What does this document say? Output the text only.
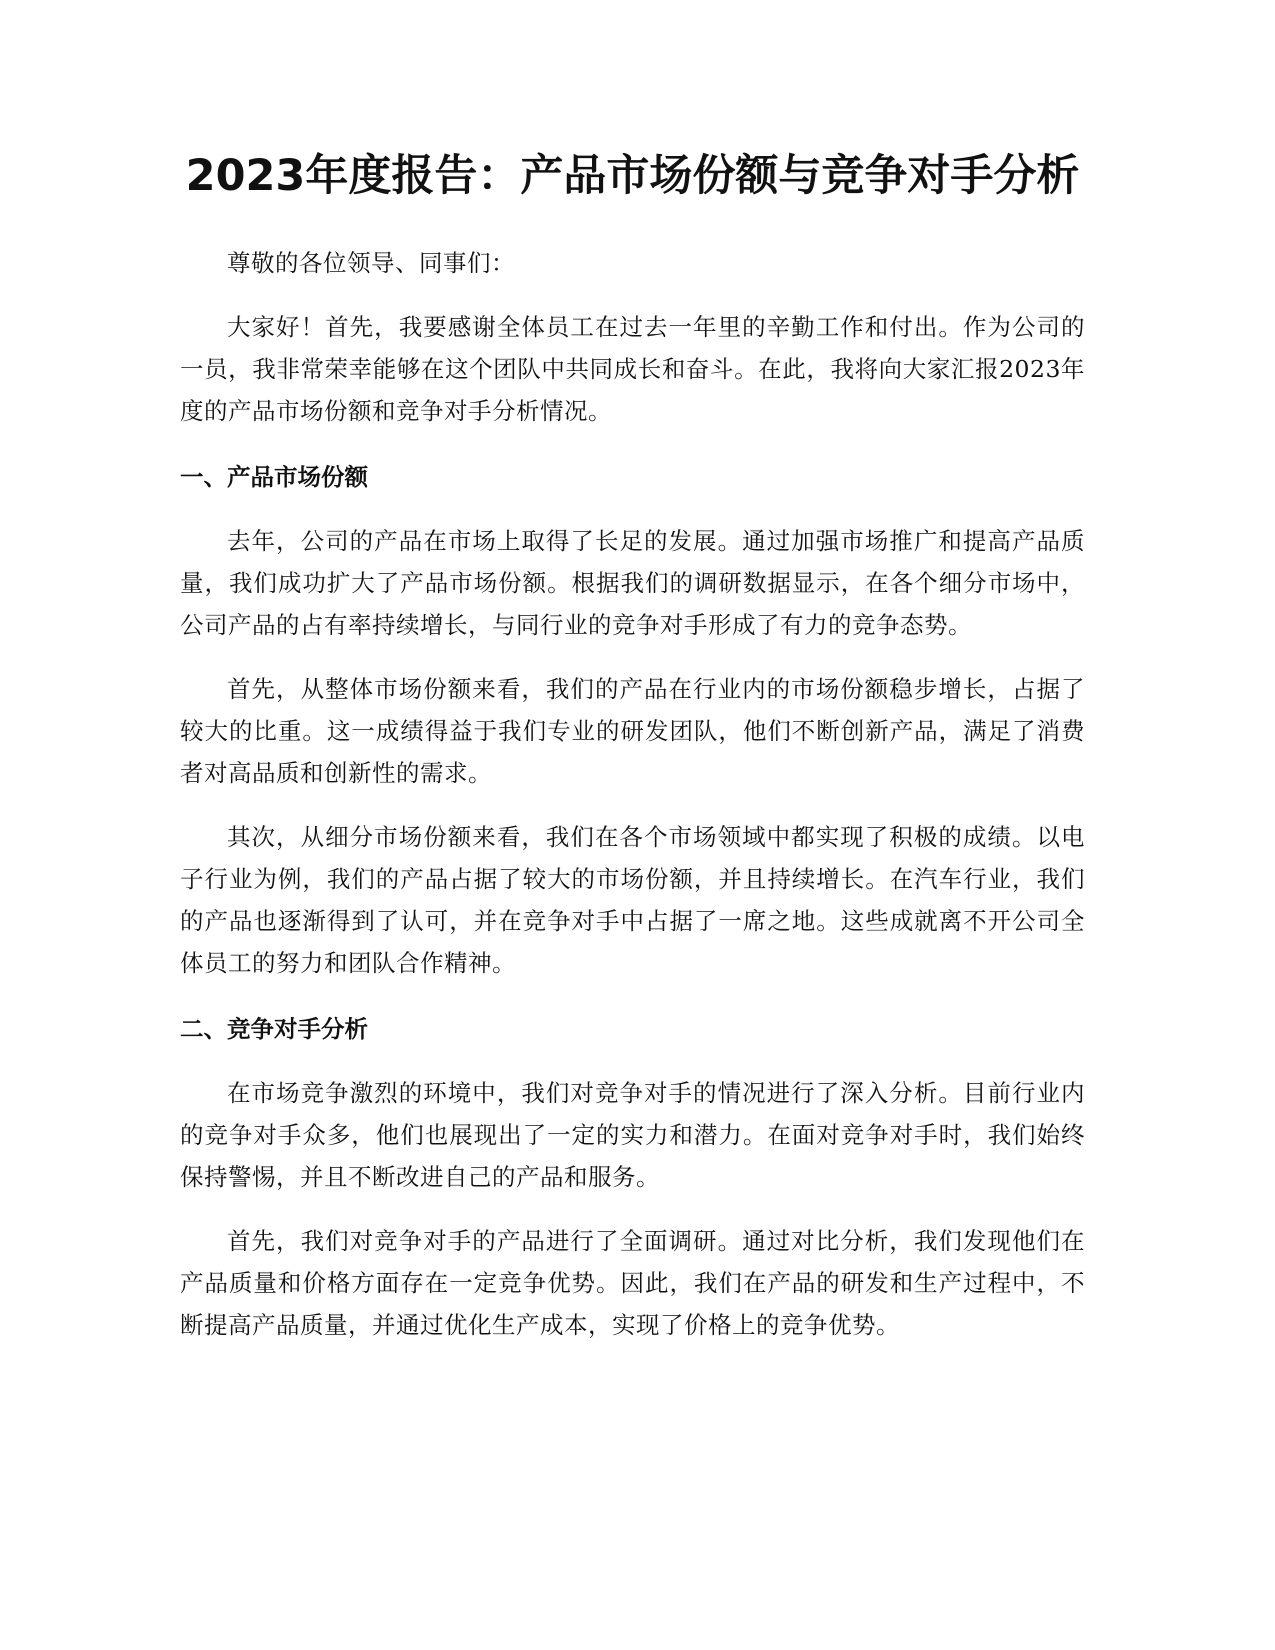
2023年度报告：产品市场份额与竞争对手分析

尊敬的各位领导、同事们：

大家好！首先，我要感谢全体员工在过去一年里的辛勤工作和付出。作为公司的一员，我非常荣幸能够在这个团队中共同成长和奋斗。在此，我将向大家汇报2023年度的产品市场份额和竞争对手分析情况。

一、产品市场份额

去年，公司的产品在市场上取得了长足的发展。通过加强市场推广和提高产品质量，我们成功扩大了产品市场份额。根据我们的调研数据显示，在各个细分市场中，公司产品的占有率持续增长，与同行业的竞争对手形成了有力的竞争态势。

首先，从整体市场份额来看，我们的产品在行业内的市场份额稳步增长，占据了较大的比重。这一成绩得益于我们专业的研发团队，他们不断创新产品，满足了消费者对高品质和创新性的需求。

其次，从细分市场份额来看，我们在各个市场领域中都实现了积极的成绩。以电子行业为例，我们的产品占据了较大的市场份额，并且持续增长。在汽车行业，我们的产品也逐渐得到了认可，并在竞争对手中占据了一席之地。这些成就离不开公司全体员工的努力和团队合作精神。

二、竞争对手分析

在市场竞争激烈的环境中，我们对竞争对手的情况进行了深入分析。目前行业内的竞争对手众多，他们也展现出了一定的实力和潜力。在面对竞争对手时，我们始终保持警惕，并且不断改进自己的产品和服务。

首先，我们对竞争对手的产品进行了全面调研。通过对比分析，我们发现他们在产品质量和价格方面存在一定竞争优势。因此，我们在产品的研发和生产过程中，不断提高产品质量，并通过优化生产成本，实现了价格上的竞争优势。
